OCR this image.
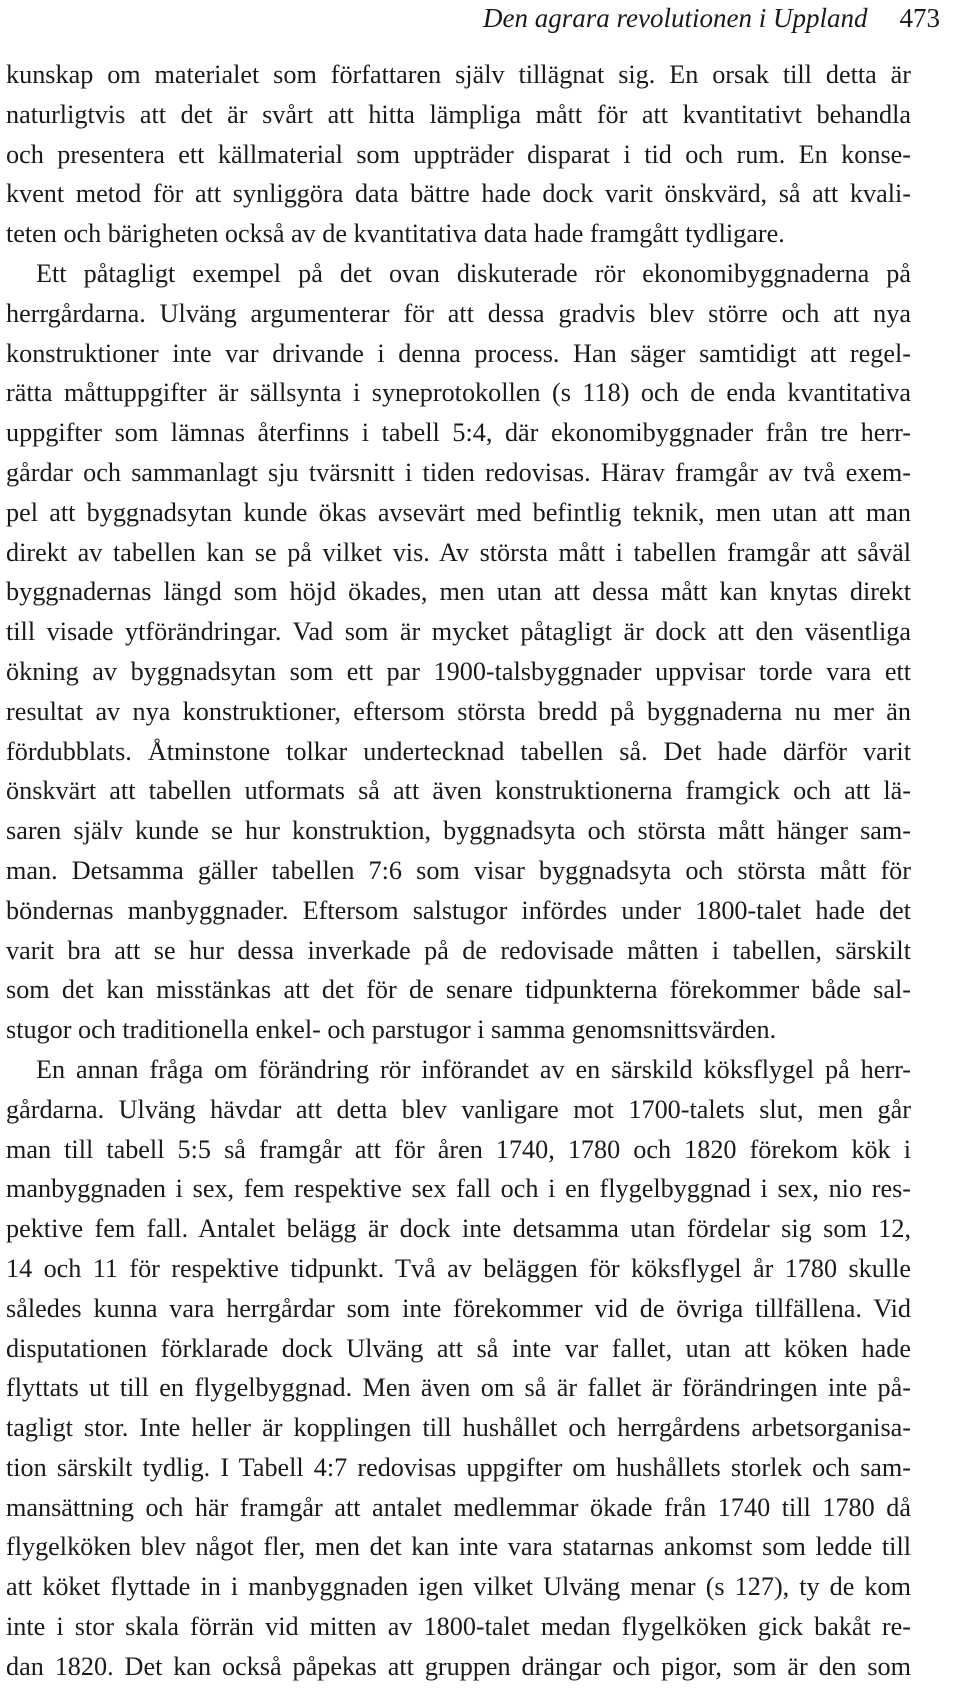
Den agrara revolutionen i Uppland 473
kunskap om materialet som författaren själv tillägnat sig. En orsak till detta är
naturligtvis att det är svårt att hitta lämpliga mått för att kvantitativt behandla
och presentera ett källmaterial som uppträder disparat i tid och rum. En konse-
kvent metod för att synliggöra data bättre hade dock varit önskvärd, så att kvali-
teten och bärigheten också av de kvantitativa data hade framgått tydligare.
Ett påtagligt exempel på det ovan diskuterade rör ekonomibyggnaderna på
herrgårdarna. Ulväng argumenterar för att dessa gradvis blev större och att nya
konstruktioner inte var drivande i denna process. Han säger samtidigt att regel-
rätta måttuppgifter är sällsynta i syneprotokollen (s 118) och de enda kvantitativa
uppgifter som lämnas återfinns i tabell 5:4, där ekonomibyggnader från tre herr-
gårdar och sammanlagt sju tvärsnitt i tiden redovisas. Härav framgår av två exem-
pel att byggnadsytan kunde ökas avsevärt med befintlig teknik, men utan att man
direkt av tabellen kan se på vilket vis. Av största mått i tabellen framgår att såväl
byggnadernas längd som höjd ökades, men utan att dessa mått kan knytas direkt
till visade ytförändringar. Vad som är mycket påtagligt är dock att den väsentliga
ökning av byggnadsytan som ett par 1900-talsbyggnader uppvisar torde vara ett
resultat av nya konstruktioner, eftersom största bredd på byggnaderna nu mer än
fördubblats. Åtminstone tolkar undertecknad tabellen så. Det hade därför varit
önskvärt att tabellen utformats så att även konstruktionerna framgick och att lä-
saren själv kunde se hur konstruktion, byggnadsyta och största mått hänger sam-
man. Detsamma gäller tabellen 7:6 som visar byggnadsyta och största mått för
böndernas manbyggnader. Eftersom salstugor infördes under 1800-talet hade det
varit bra att se hur dessa inverkade på de redovisade måtten i tabellen, särskilt
som det kan misstänkas att det för de senare tidpunkterna förekommer både sal-
stugor och traditionella enkel- och parstugor i samma genomsnittsvärden.
En annan fråga om förändring rör införandet av en särskild köksflygel på herr-
gårdarna. Ulväng hävdar att detta blev vanligare mot 1700-talets slut, men går
man till tabell 5:5 så framgår att för åren 1740, 1780 och 1820 förekom kök i
manbyggnaden i sex, fem respektive sex fall och i en flygelbyggnad i sex, nio res-
pektive fem fall. Antalet belägg är dock inte detsamma utan fördelar sig som 12,
14 och 11 för respektive tidpunkt. Två av beläggen för köksflygel år 1780 skulle
således kunna vara herrgårdar som inte förekommer vid de övriga tillfällena. Vid
disputationen förklarade dock Ulväng att så inte var fallet, utan att köken hade
flyttats ut till en flygelbyggnad. Men även om så är fallet är förändringen inte på-
tagligt stor. Inte heller är kopplingen till hushållet och herrgårdens arbetsorganisa-
tion särskilt tydlig. I Tabell 4:7 redovisas uppgifter om hushållets storlek och sam-
mansättning och här framgår att antalet medlemmar ökade från 1740 till 1780 då
flygelköken blev något fler, men det kan inte vara statarnas ankomst som ledde till
att köket flyttade in i manbyggnaden igen vilket Ulväng menar (s 127), ty de kom
inte i stor skala förrän vid mitten av 1800-talet medan flygelköken gick bakåt re-
dan 1820. Det kan också påpekas att gruppen drängar och pigor, som är den som
